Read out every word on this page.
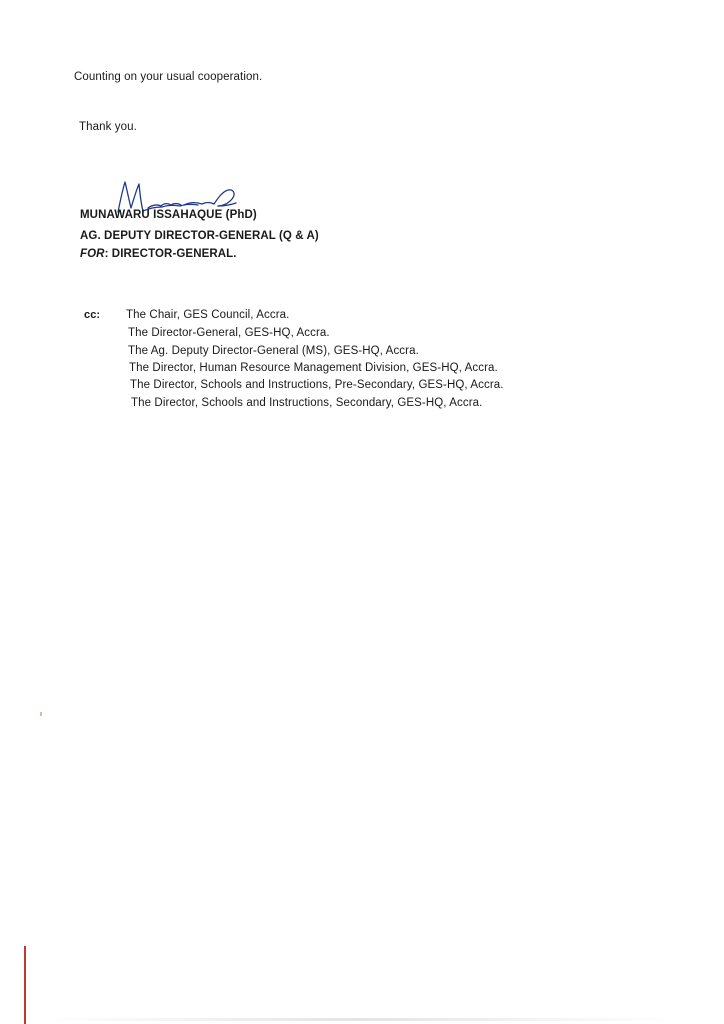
Counting on your usual cooperation.
Thank you.
MUNAWARU ISSAHAQUE (PhD)
AG. DEPUTY DIRECTOR-GENERAL (Q & A)
FOR: DIRECTOR-GENERAL.
cc: The Chair, GES Council, Accra.
The Director-General, GES-HQ, Accra.
The Ag. Deputy Director-General (MS), GES-HQ, Accra.
The Director, Human Resource Management Division, GES-HQ, Accra.
The Director, Schools and Instructions, Pre-Secondary, GES-HQ, Accra.
The Director, Schools and Instructions, Secondary, GES-HQ, Accra.
